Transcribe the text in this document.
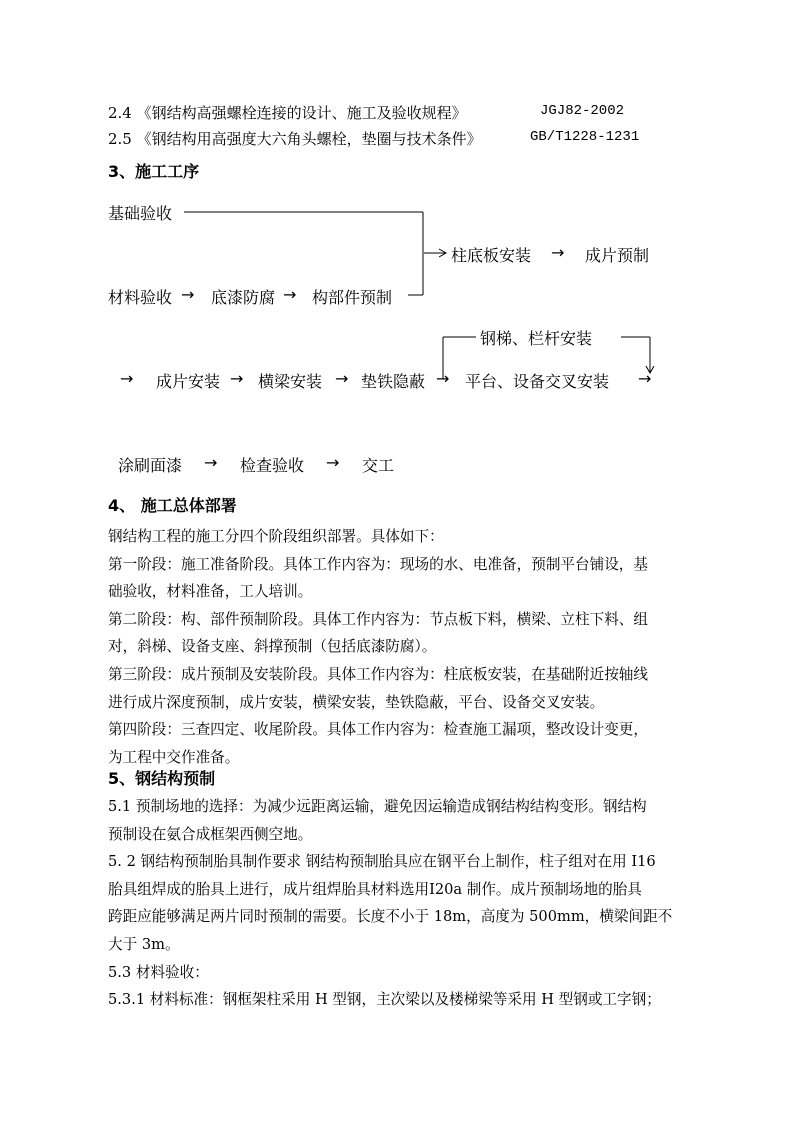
2.4 《钢结构高强螺栓连接的设计、施工及验收规程》	JGJ82-2002
2.5 《钢结构用高强度大六角头螺栓，垫圈与技术条件》	GB/T1228-1231
3、施工工序
基础验收
柱底板安装 → 成片预制
材料验收 → 底漆防腐 → 构部件预制
钢梯、栏杆安装
→ 成片安装 → 横梁安装 → 垫铁隐蔽 → 平台、设备交叉安装 →
涂刷面漆 → 检查验收 → 交工
4、 施工总体部署
钢结构工程的施工分四个阶段组织部署。具体如下：
第一阶段：施工准备阶段。具体工作内容为：现场的水、电准备，预制平台铺设，基
础验收，材料准备，工人培训。
第二阶段：构、部件预制阶段。具体工作内容为：节点板下料，横梁、立柱下料、组
对，斜梯、设备支座、斜撑预制（包括底漆防腐）。
第三阶段：成片预制及安装阶段。具体工作内容为：柱底板安装，在基础附近按轴线
进行成片深度预制，成片安装，横梁安装，垫铁隐蔽，平台、设备交叉安装。
第四阶段：三查四定、收尾阶段。具体工作内容为：检查施工漏项，整改设计变更，
为工程中交作准备。
5、钢结构预制
5.1 预制场地的选择：为减少远距离运输，避免因运输造成钢结构结构变形。钢结构
预制设在氨合成框架西侧空地。
5. 2 钢结构预制胎具制作要求 钢结构预制胎具应在钢平台上制作，柱子组对在用 I16
胎具组焊成的胎具上进行，成片组焊胎具材料选用Ⅰ20a 制作。成片预制场地的胎具
跨距应能够满足两片同时预制的需要。长度不小于 18m，高度为 500mm，横梁间距不
大于 3m。
5.3 材料验收：
5.3.1 材料标准：钢框架柱采用 H 型钢，主次梁以及楼梯梁等采用 H 型钢或工字钢；
